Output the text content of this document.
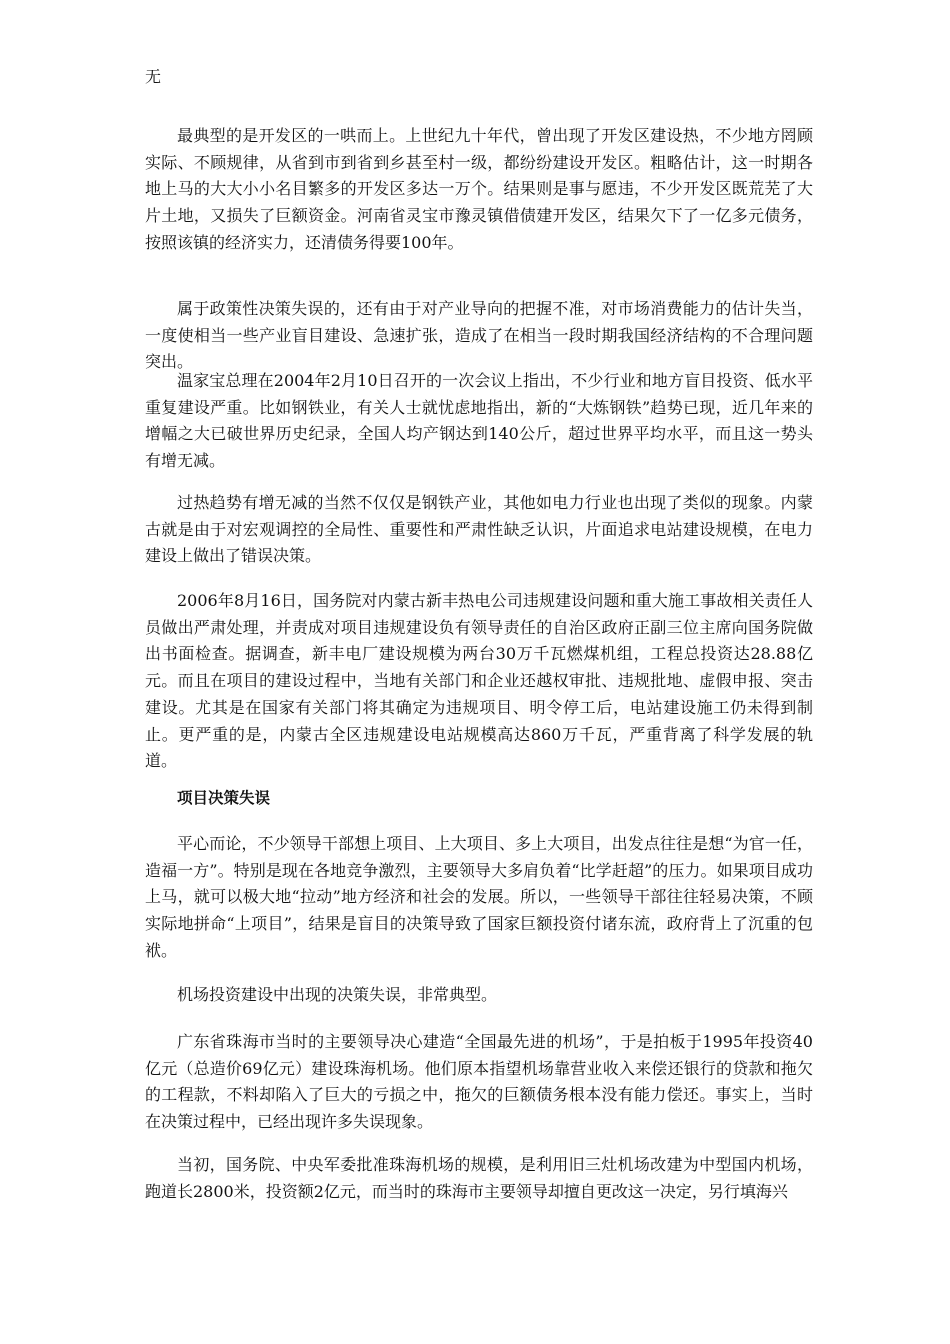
无

最典型的是开发区的一哄而上。上世纪九十年代，曾出现了开发区建设热，不少地方罔顾实际、不顾规律，从省到市到省到乡甚至村一级，都纷纷建设开发区。粗略估计，这一时期各地上马的大大小小名目繁多的开发区多达一万个。结果则是事与愿违，不少开发区既荒芜了大片土地，又损失了巨额资金。河南省灵宝市豫灵镇借债建开发区，结果欠下了一亿多元债务，按照该镇的经济实力，还清债务得要100年。

属于政策性决策失误的，还有由于对产业导向的把握不准，对市场消费能力的估计失当，一度使相当一些产业盲目建设、急速扩张，造成了在相当一段时期我国经济结构的不合理问题突出。

温家宝总理在2004年2月10日召开的一次会议上指出，不少行业和地方盲目投资、低水平重复建设严重。比如钢铁业，有关人士就忧虑地指出，新的“大炼钢铁”趋势已现，近几年来的增幅之大已破世界历史纪录，全国人均产钢达到140公斤，超过世界平均水平，而且这一势头有增无减。

过热趋势有增无减的当然不仅仅是钢铁产业，其他如电力行业也出现了类似的现象。内蒙古就是由于对宏观调控的全局性、重要性和严肃性缺乏认识，片面追求电站建设规模，在电力建设上做出了错误决策。

2006年8月16日，国务院对内蒙古新丰热电公司违规建设问题和重大施工事故相关责任人员做出严肃处理，并责成对项目违规建设负有领导责任的自治区政府正副三位主席向国务院做出书面检查。据调查，新丰电厂建设规模为两台30万千瓦燃煤机组，工程总投资达28.88亿元。而且在项目的建设过程中，当地有关部门和企业还越权审批、违规批地、虚假申报、突击建设。尤其是在国家有关部门将其确定为违规项目、明令停工后，电站建设施工仍未得到制止。更严重的是，内蒙古全区违规建设电站规模高达860万千瓦，严重背离了科学发展的轨道。

项目决策失误

平心而论，不少领导干部想上项目、上大项目、多上大项目，出发点往往是想“为官一任，造福一方”。特别是现在各地竞争激烈，主要领导大多肩负着“比学赶超”的压力。如果项目成功上马，就可以极大地“拉动”地方经济和社会的发展。所以，一些领导干部往往轻易决策，不顾实际地拼命“上项目”，结果是盲目的决策导致了国家巨额投资付诸东流，政府背上了沉重的包袱。

机场投资建设中出现的决策失误，非常典型。

广东省珠海市当时的主要领导决心建造“全国最先进的机场”，于是拍板于1995年投资40亿元（总造价69亿元）建设珠海机场。他们原本指望机场靠营业收入来偿还银行的贷款和拖欠的工程款，不料却陷入了巨大的亏损之中，拖欠的巨额债务根本没有能力偿还。事实上，当时在决策过程中，已经出现许多失误现象。

当初，国务院、中央军委批准珠海机场的规模，是利用旧三灶机场改建为中型国内机场，跑道长2800米，投资额2亿元，而当时的珠海市主要领导却擅自更改这一决定，另行填海兴
